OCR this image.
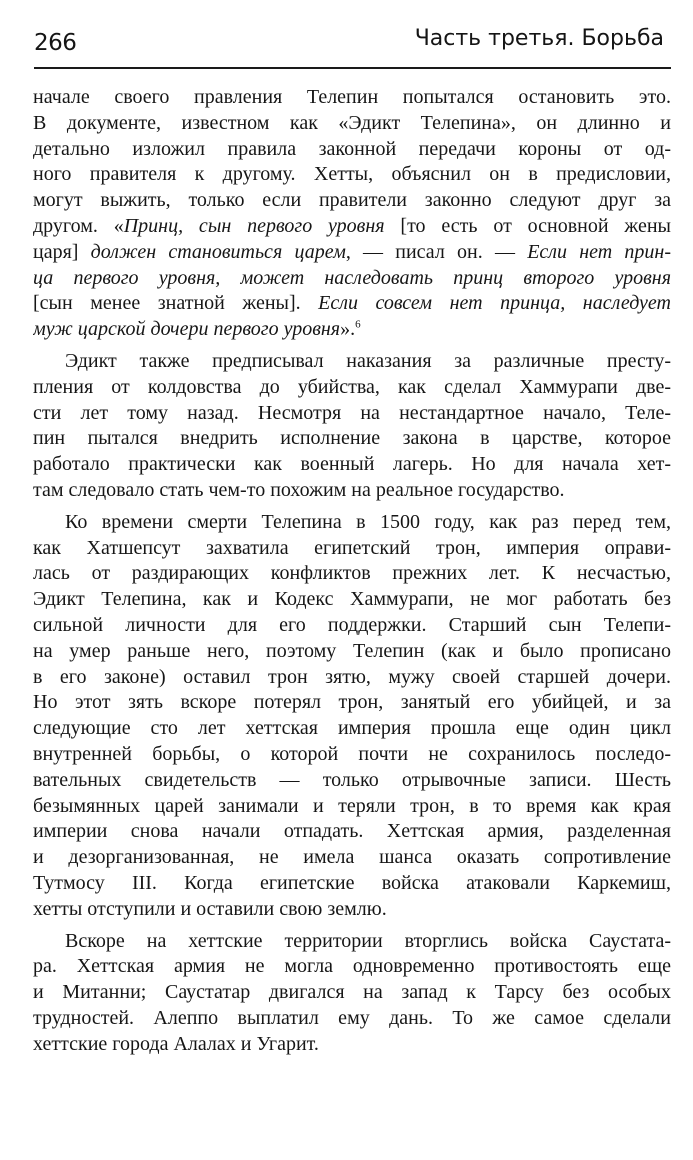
266	Часть третья. Борьба
начале своего правления Телепин попытался остановить это.
В документе, известном как «Эдикт Телепина», он длинно и
детально изложил правила законной передачи короны от од-
ного правителя к другому. Хетты, объяснил он в предисловии,
могут выжить, только если правители законно следуют друг за
другом. «Принц, сын первого уровня [то есть от основной жены
царя] должен становиться царем, — писал он. — Если нет прин-
ца первого уровня, может наследовать принц второго уровня
[сын менее знатной жены]. Если совсем нет принца, наследует
муж царской дочери первого уровня».$^6$
Эдикт также предписывал наказания за различные престу-
пления от колдовства до убийства, как сделал Хаммурапи две-
сти лет тому назад. Несмотря на нестандартное начало, Теле-
пин пытался внедрить исполнение закона в царстве, которое
работало практически как военный лагерь. Но для начала хет-
там следовало стать чем-то похожим на реальное государство.
Ко времени смерти Телепина в 1500 году, как раз перед тем,
как Хатшепсут захватила египетский трон, империя оправи-
лась от раздирающих конфликтов прежних лет. К несчастью,
Эдикт Телепина, как и Кодекс Хаммурапи, не мог работать без
сильной личности для его поддержки. Старший сын Телепи-
на умер раньше него, поэтому Телепин (как и было прописано
в его законе) оставил трон зятю, мужу своей старшей дочери.
Но этот зять вскоре потерял трон, занятый его убийцей, и за
следующие сто лет хеттская империя прошла еще один цикл
внутренней борьбы, о которой почти не сохранилось последо-
вательных свидетельств — только отрывочные записи. Шесть
безымянных царей занимали и теряли трон, в то время как края
империи снова начали отпадать. Хеттская армия, разделенная
и дезорганизованная, не имела шанса оказать сопротивление
Тутмосу III. Когда египетские войска атаковали Каркемиш,
хетты отступили и оставили свою землю.
Вскоре на хеттские территории вторглись войска Саустата-
ра. Хеттская армия не могла одновременно противостоять еще
и Митанни; Саустатар двигался на запад к Тарсу без особых
трудностей. Алеппо выплатил ему дань. То же самое сделали
хеттские города Алалах и Угарит.
